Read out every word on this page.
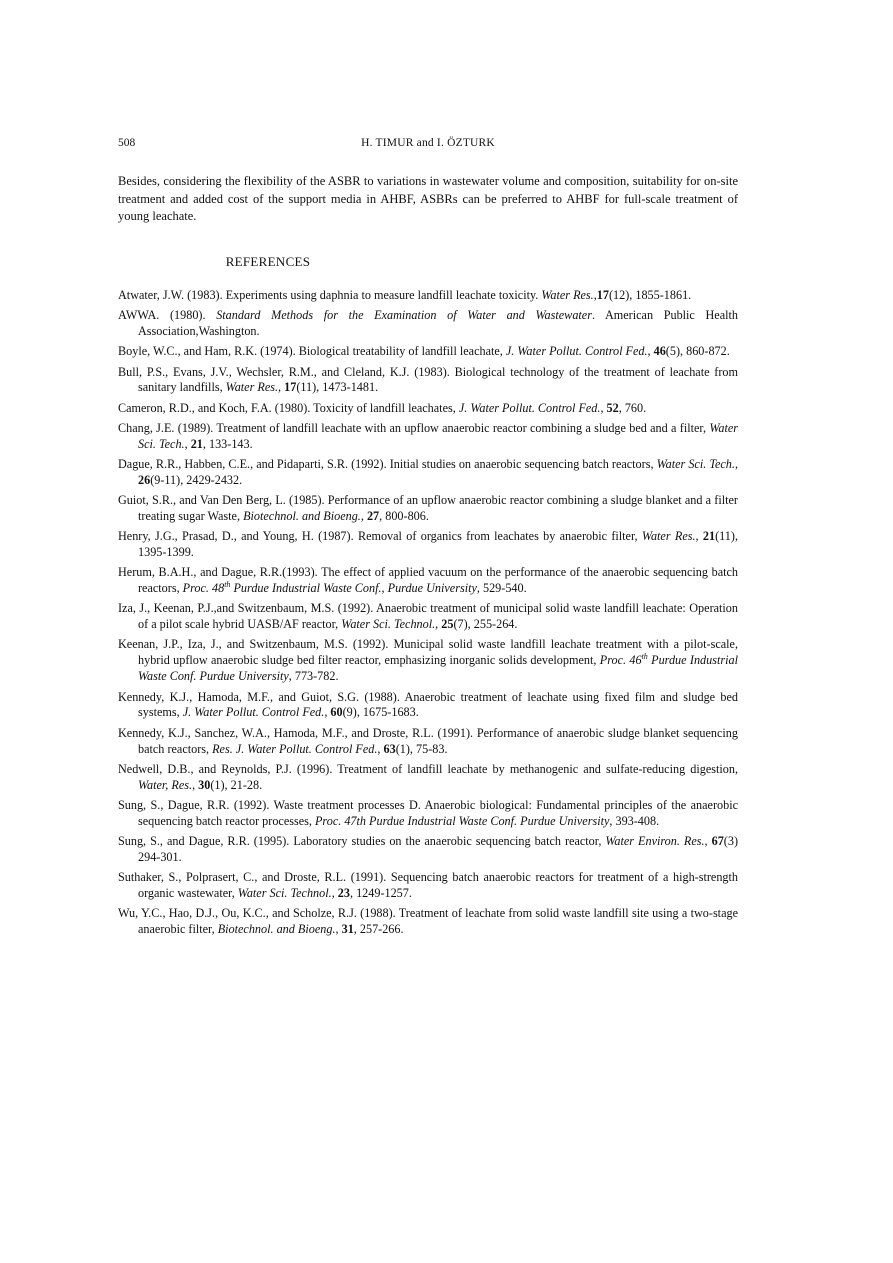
508	H. TIMUR and I. ÖZTURK

Besides, considering the flexibility of the ASBR to variations in wastewater volume and composition, suitability for on-site treatment and added cost of the support media in AHBF, ASBRs can be preferred to AHBF for full-scale treatment of young leachate.

REFERENCES
Atwater, J.W. (1983). Experiments using daphnia to measure landfill leachate toxicity. Water Res.,17(12), 1855-1861.
AWWA. (1980). Standard Methods for the Examination of Water and Wastewater. American Public Health Association,Washington.
Boyle, W.C., and Ham, R.K. (1974). Biological treatability of landfill leachate, J. Water Pollut. Control Fed., 46(5), 860-872.
Bull, P.S., Evans, J.V., Wechsler, R.M., and Cleland, K.J. (1983). Biological technology of the treatment of leachate from sanitary landfills, Water Res., 17(11), 1473-1481.
Cameron, R.D., and Koch, F.A. (1980). Toxicity of landfill leachates, J. Water Pollut. Control Fed., 52, 760.
Chang, J.E. (1989). Treatment of landfill leachate with an upflow anaerobic reactor combining a sludge bed and a filter, Water Sci. Tech., 21, 133-143.
Dague, R.R., Habben, C.E., and Pidaparti, S.R. (1992). Initial studies on anaerobic sequencing batch reactors, Water Sci. Tech., 26(9-11), 2429-2432.
Guiot, S.R., and Van Den Berg, L. (1985). Performance of an upflow anaerobic reactor combining a sludge blanket and a filter treating sugar Waste, Biotechnol. and Bioeng., 27, 800-806.
Henry, J.G., Prasad, D., and Young, H. (1987). Removal of organics from leachates by anaerobic filter, Water Res., 21(11), 1395-1399.
Herum, B.A.H., and Dague, R.R.(1993). The effect of applied vacuum on the performance of the anaerobic sequencing batch reactors, Proc. 48th Purdue Industrial Waste Conf., Purdue University, 529-540.
Iza, J., Keenan, P.J.,and Switzenbaum, M.S. (1992). Anaerobic treatment of municipal solid waste landfill leachate: Operation of a pilot scale hybrid UASB/AF reactor, Water Sci. Technol., 25(7), 255-264.
Keenan, J.P., Iza, J., and Switzenbaum, M.S. (1992). Municipal solid waste landfill leachate treatment with a pilot-scale, hybrid upflow anaerobic sludge bed filter reactor, emphasizing inorganic solids development, Proc. 46th Purdue Industrial Waste Conf. Purdue University, 773-782.
Kennedy, K.J., Hamoda, M.F., and Guiot, S.G. (1988). Anaerobic treatment of leachate using fixed film and sludge bed systems, J. Water Pollut. Control Fed., 60(9), 1675-1683.
Kennedy, K.J., Sanchez, W.A., Hamoda, M.F., and Droste, R.L. (1991). Performance of anaerobic sludge blanket sequencing batch reactors, Res. J. Water Pollut. Control Fed., 63(1), 75-83.
Nedwell, D.B., and Reynolds, P.J. (1996). Treatment of landfill leachate by methanogenic and sulfate-reducing digestion, Water, Res., 30(1), 21-28.
Sung, S., Dague, R.R. (1992). Waste treatment processes D. Anaerobic biological: Fundamental principles of the anaerobic sequencing batch reactor processes, Proc. 47th Purdue Industrial Waste Conf. Purdue University, 393-408.
Sung, S., and Dague, R.R. (1995). Laboratory studies on the anaerobic sequencing batch reactor, Water Environ. Res., 67(3) 294-301.
Suthaker, S., Polprasert, C., and Droste, R.L. (1991). Sequencing batch anaerobic reactors for treatment of a high-strength organic wastewater, Water Sci. Technol., 23, 1249-1257.
Wu, Y.C., Hao, D.J., Ou, K.C., and Scholze, R.J. (1988). Treatment of leachate from solid waste landfill site using a two-stage anaerobic filter, Biotechnol. and Bioeng., 31, 257-266.
